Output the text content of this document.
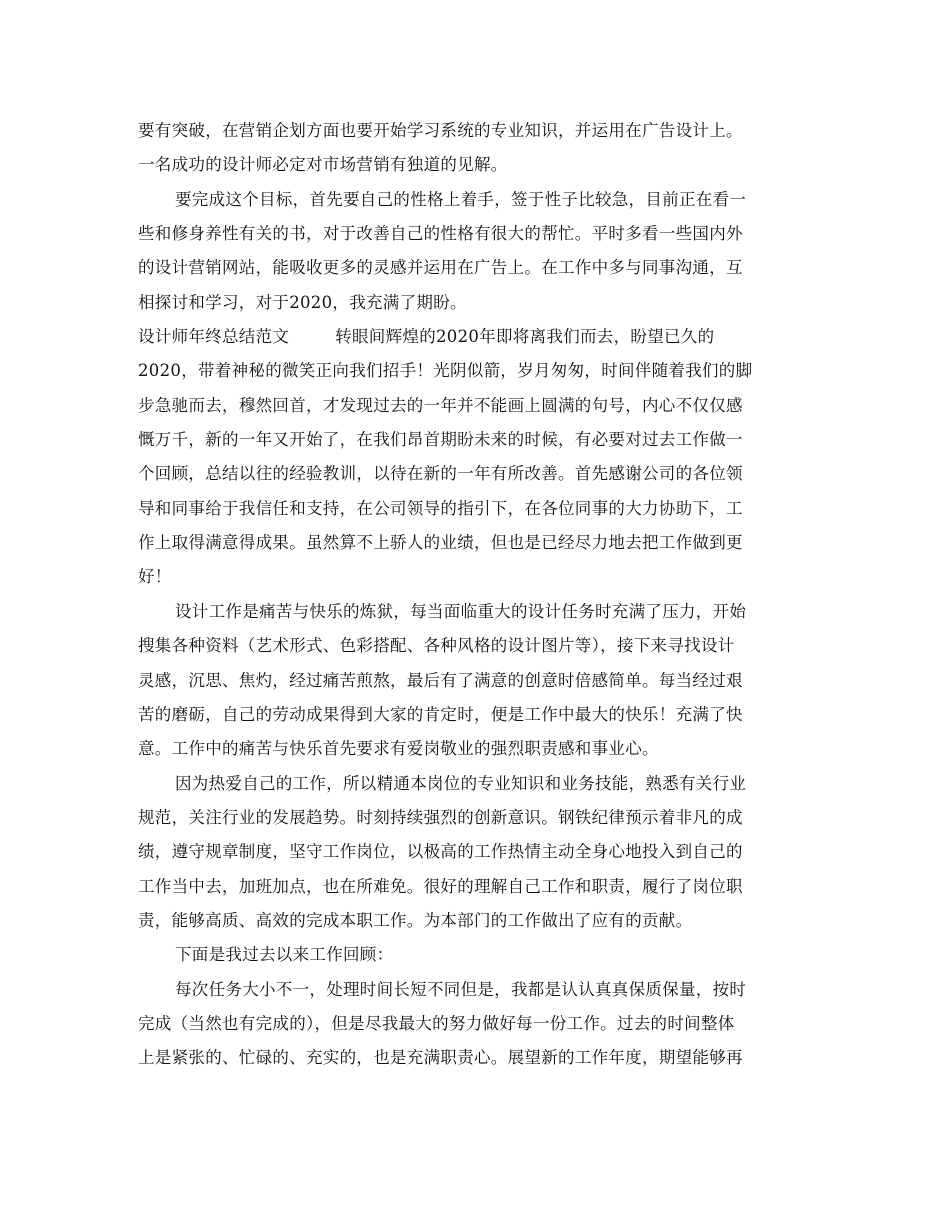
要有突破，在营销企划方面也要开始学习系统的专业知识，并运用在广告设计上。
一名成功的设计师必定对市场营销有独道的见解。
要完成这个目标，首先要自己的性格上着手，签于性子比较急，目前正在看一
些和修身养性有关的书，对于改善自己的性格有很大的帮忙。平时多看一些国内外
的设计营销网站，能吸收更多的灵感并运用在广告上。在工作中多与同事沟通，互
相探讨和学习，对于2020，我充满了期盼。
设计师年终总结范文	转眼间辉煌的2020年即将离我们而去，盼望已久的
2020，带着神秘的微笑正向我们招手！光阴似箭，岁月匆匆，时间伴随着我们的脚
步急驰而去，穆然回首，才发现过去的一年并不能画上圆满的句号，内心不仅仅感
慨万千，新的一年又开始了，在我们昂首期盼未来的时候，有必要对过去工作做一
个回顾，总结以往的经验教训，以待在新的一年有所改善。首先感谢公司的各位领
导和同事给于我信任和支持，在公司领导的指引下，在各位同事的大力协助下，工
作上取得满意得成果。虽然算不上骄人的业绩，但也是已经尽力地去把工作做到更
好！
设计工作是痛苦与快乐的炼狱，每当面临重大的设计任务时充满了压力，开始
搜集各种资料（艺术形式、色彩搭配、各种风格的设计图片等），接下来寻找设计
灵感，沉思、焦灼，经过痛苦煎熬，最后有了满意的创意时倍感简单。每当经过艰
苦的磨砺，自己的劳动成果得到大家的肯定时，便是工作中最大的快乐！充满了快
意。工作中的痛苦与快乐首先要求有爱岗敬业的强烈职责感和事业心。
因为热爱自己的工作，所以精通本岗位的专业知识和业务技能，熟悉有关行业
规范，关注行业的发展趋势。时刻持续强烈的创新意识。钢铁纪律预示着非凡的成
绩，遵守规章制度，坚守工作岗位，以极高的工作热情主动全身心地投入到自己的
工作当中去，加班加点，也在所难免。很好的理解自己工作和职责，履行了岗位职
责，能够高质、高效的完成本职工作。为本部门的工作做出了应有的贡献。
下面是我过去以来工作回顾：
每次任务大小不一，处理时间长短不同但是，我都是认认真真保质保量，按时
完成（当然也有完成的），但是尽我最大的努力做好每一份工作。过去的时间整体
上是紧张的、忙碌的、充实的，也是充满职责心。展望新的工作年度，期望能够再
